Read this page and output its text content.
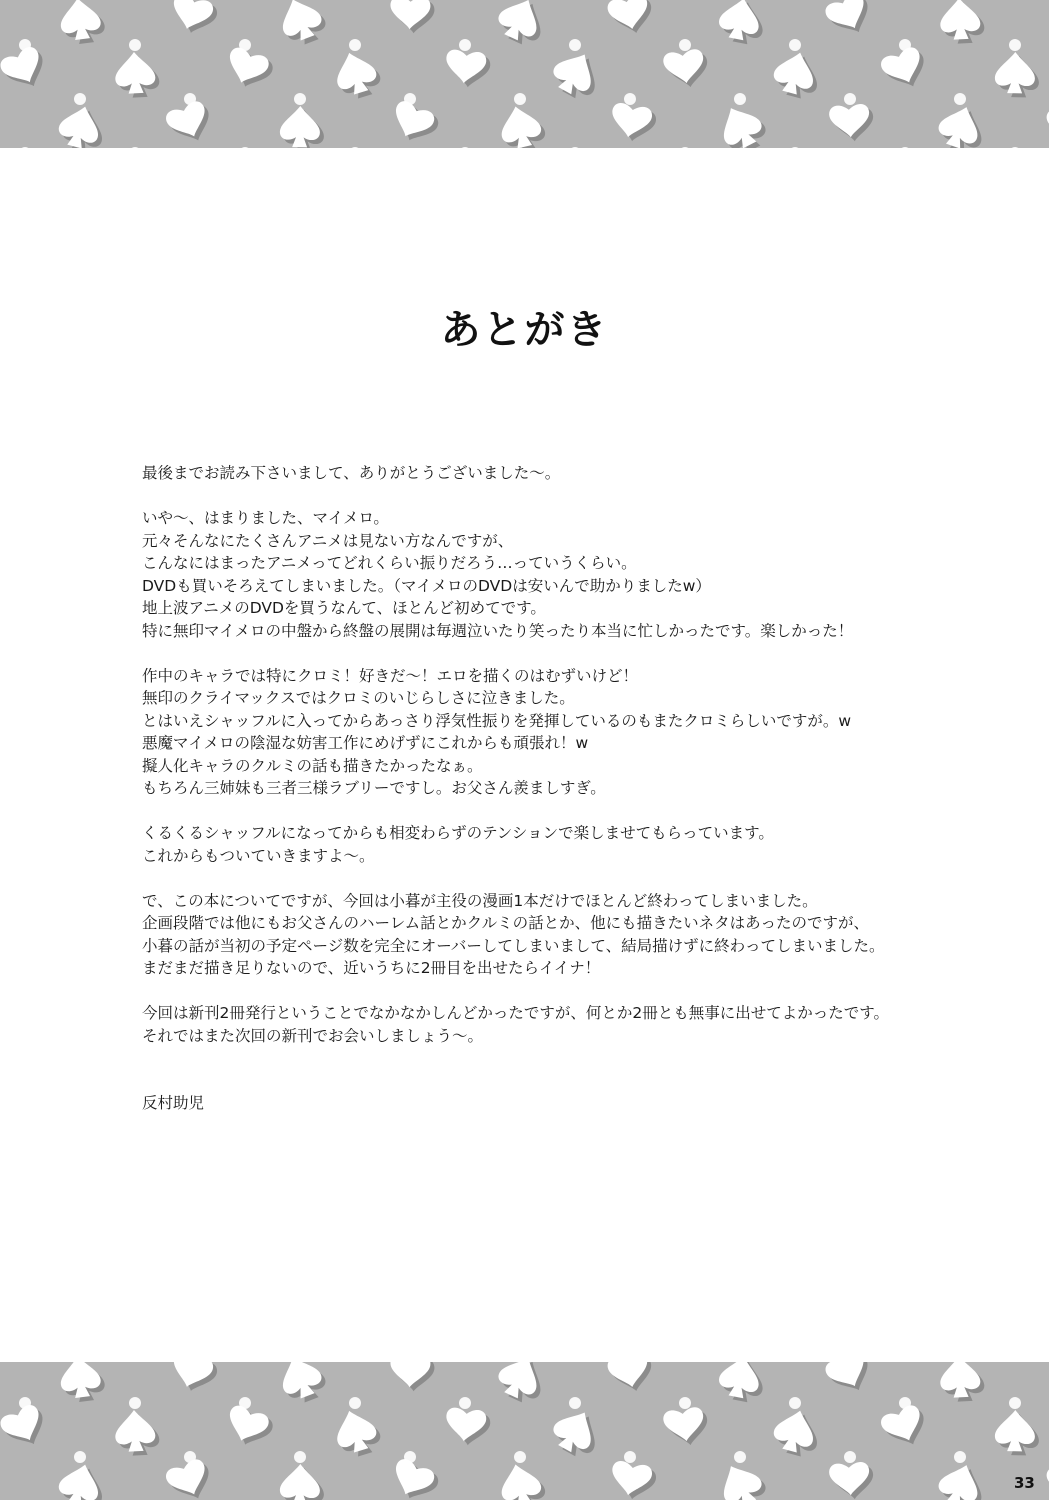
あとがき
最後までお読み下さいまして、ありがとうございました～。
いや～、はまりました、マイメロ。
元々そんなにたくさんアニメは見ない方なんですが、
こんなにはまったアニメってどれくらい振りだろう…っていうくらい。
DVDも買いそろえてしまいました。（マイメロのDVDは安いんで助かりましたw）
地上波アニメのDVDを買うなんて、ほとんど初めてです。
特に無印マイメロの中盤から終盤の展開は毎週泣いたり笑ったり本当に忙しかったです。楽しかった！
作中のキャラでは特にクロミ！好きだ～！エロを描くのはむずいけど！
無印のクライマックスではクロミのいじらしさに泣きました。
とはいえシャッフルに入ってからあっさり浮気性振りを発揮しているのもまたクロミらしいですが。w
悪魔マイメロの陰湿な妨害工作にめげずにこれからも頑張れ！w
擬人化キャラのクルミの話も描きたかったなぁ。
もちろん三姉妹も三者三様ラブリーですし。お父さん羨ましすぎ。
くるくるシャッフルになってからも相変わらずのテンションで楽しませてもらっています。
これからもついていきますよ～。
で、この本についてですが、今回は小暮が主役の漫画1本だけでほとんど終わってしまいました。
企画段階では他にもお父さんのハーレム話とかクルミの話とか、他にも描きたいネタはあったのですが、
小暮の話が当初の予定ページ数を完全にオーバーしてしまいまして、結局描けずに終わってしまいました。
まだまだ描き足りないので、近いうちに2冊目を出せたらイイナ！
今回は新刊2冊発行ということでなかなかしんどかったですが、何とか2冊とも無事に出せてよかったです。
それではまた次回の新刊でお会いしましょう～。
反村助児
33
